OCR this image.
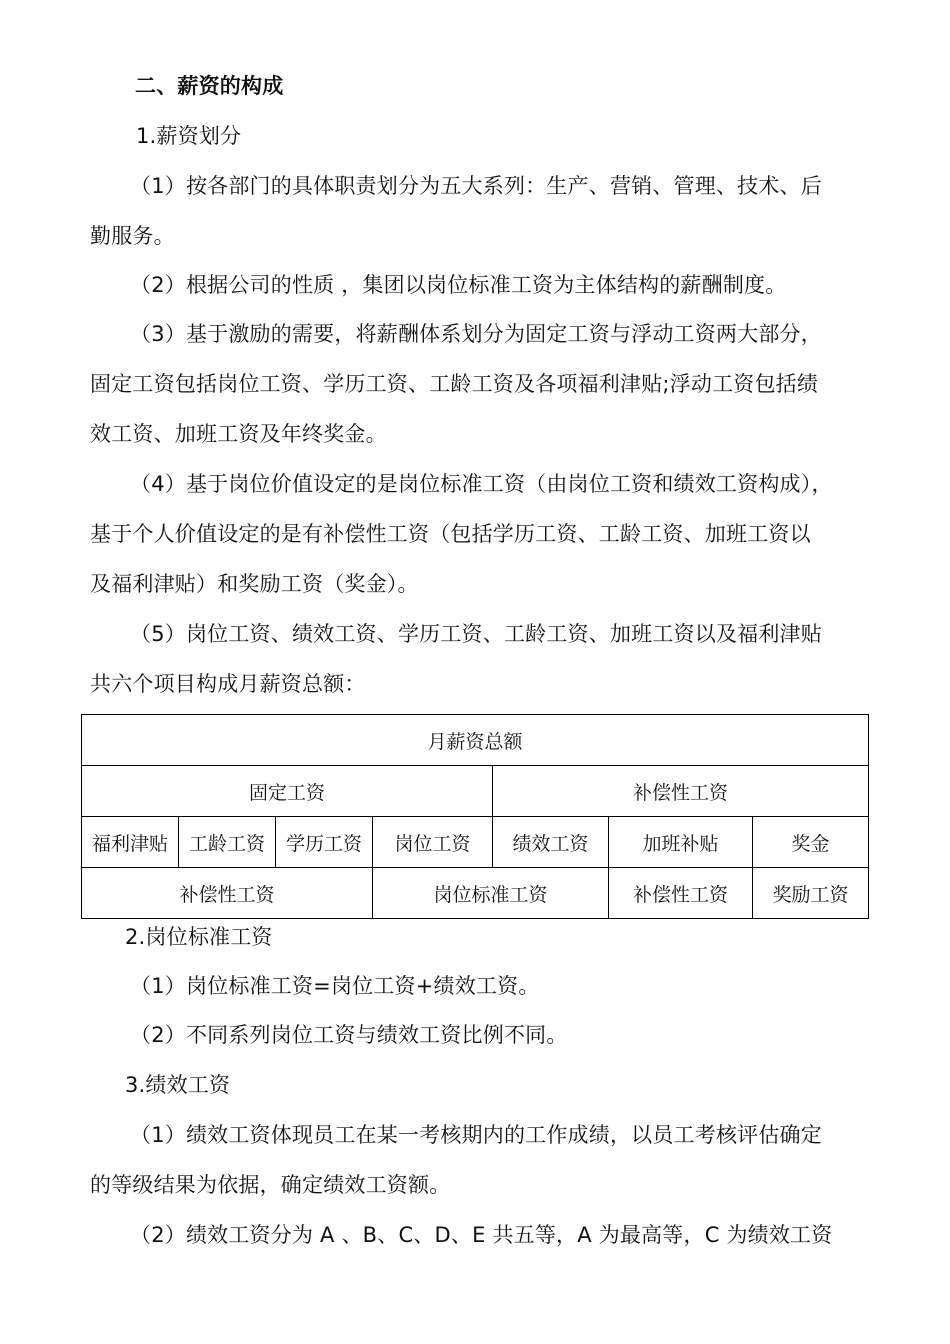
二、薪资的构成
1.薪资划分
（1）按各部门的具体职责划分为五大系列：生产、营销、管理、技术、后
勤服务。
（2）根据公司的性质 ，集团以岗位标准工资为主体结构的薪酬制度。
（3）基于激励的需要，将薪酬体系划分为固定工资与浮动工资两大部分，
固定工资包括岗位工资、学历工资、工龄工资及各项福利津贴;浮动工资包括绩
效工资、加班工资及年终奖金。
（4）基于岗位价值设定的是岗位标准工资（由岗位工资和绩效工资构成），
基于个人价值设定的是有补偿性工资（包括学历工资、工龄工资、加班工资以
及福利津贴）和奖励工资（奖金）。
（5）岗位工资、绩效工资、学历工资、工龄工资、加班工资以及福利津贴
共六个项目构成月薪资总额：
月薪资总额						
固定工资				补偿性工资		
福利津贴	工龄工资	学历工资	岗位工资	绩效工资	加班补贴	奖金
补偿性工资			岗位标准工资		补偿性工资	奖励工资
2.岗位标准工资
（1）岗位标准工资=岗位工资+绩效工资。
（2）不同系列岗位工资与绩效工资比例不同。
3.绩效工资
（1）绩效工资体现员工在某一考核期内的工作成绩，以员工考核评估确定
的等级结果为依据，确定绩效工资额。
（2）绩效工资分为 A 、B、C、D、E 共五等，A 为最高等，C 为绩效工资
